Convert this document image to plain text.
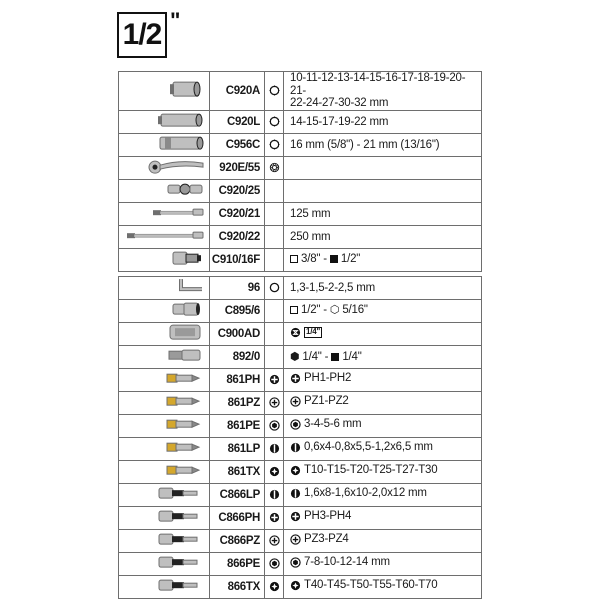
1/2 "
	C920A		10-11-12-13-14-15-16-17-18-19-20-21-
22-24-27-30-32 mm

	C920L		14-15-17-19-22 mm

	C956C		16 mm (5/8") - 21 mm (13/16")

	920E/55		

	C920/25		

	C920/21		125 mm

	C920/22		250 mm

	C910/16F		3/8" - 1/2"
	96		1,3-1,5-2-2,5 mm

	C895/6		1/2" - ⬡ 5/16"

	C900AD		1/4"

	892/0		⬢ 1/4" - 1/4"

	861PH		PH1-PH2

	861PZ		PZ1-PZ2

	861PE		3-4-5-6 mm

	861LP		0,6x4-0,8x5,5-1,2x6,5 mm

	861TX		T10-T15-T20-T25-T27-T30

	C866LP		1,6x8-1,6x10-2,0x12 mm

	C866PH		PH3-PH4

	C866PZ		PZ3-PZ4

	866PE		7-8-10-12-14 mm

	866TX		T40-T45-T50-T55-T60-T70
